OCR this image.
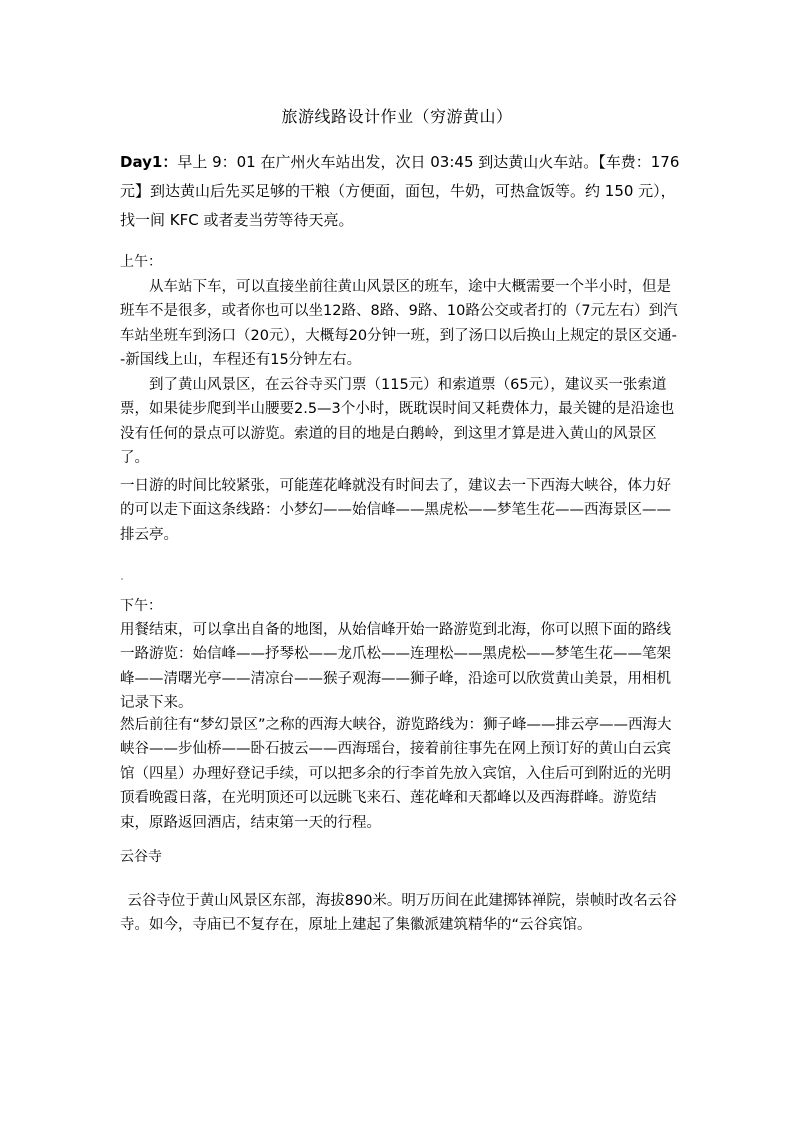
旅游线路设计作业（穷游黄山）

Day1：早上 9：01 在广州火车站出发，次日 03:45 到达黄山火车站。【车费：176 元】到达黄山后先买足够的干粮（方便面，面包，牛奶，可热盒饭等。约 150 元），找一间 KFC 或者麦当劳等待天亮。

上午：

从车站下车，可以直接坐前往黄山风景区的班车，途中大概需要一个半小时，但是班车不是很多，或者你也可以坐12路、8路、9路、10路公交或者打的（7元左右）到汽车站坐班车到汤口（20元），大概每20分钟一班，到了汤口以后换山上规定的景区交通--新国线上山，车程还有15分钟左右。

到了黄山风景区，在云谷寺买门票（115元）和索道票（65元），建议买一张索道票，如果徒步爬到半山腰要2.5—3个小时，既耽误时间又耗费体力，最关键的是沿途也没有任何的景点可以游览。索道的目的地是白鹅岭，到这里才算是进入黄山的风景区了。

一日游的时间比较紧张，可能莲花峰就没有时间去了，建议去一下西海大峡谷，体力好的可以走下面这条线路：小梦幻——始信峰——黑虎松——梦笔生花——西海景区——排云亭。

下午：

用餐结束，可以拿出自备的地图，从始信峰开始一路游览到北海，你可以照下面的路线一路游览：始信峰——抒琴松——龙爪松——连理松——黑虎松——梦笔生花——笔架峰——清曙光亭——清凉台——猴子观海——狮子峰，沿途可以欣赏黄山美景，用相机记录下来。

然后前往有“梦幻景区”之称的西海大峡谷，游览路线为：狮子峰——排云亭——西海大峡谷——步仙桥——卧石披云——西海瑶台，接着前往事先在网上预订好的黄山白云宾馆（四星）办理好登记手续，可以把多余的行李首先放入宾馆，入住后可到附近的光明顶看晚霞日落，在光明顶还可以远眺飞来石、莲花峰和天都峰以及西海群峰。游览结束，原路返回酒店，结束第一天的行程。

云谷寺

云谷寺位于黄山风景区东部，海拔890米。明万历间在此建掷钵禅院，崇帧时改名云谷寺。如今，寺庙已不复存在，原址上建起了集徽派建筑精华的“云谷宾馆。
